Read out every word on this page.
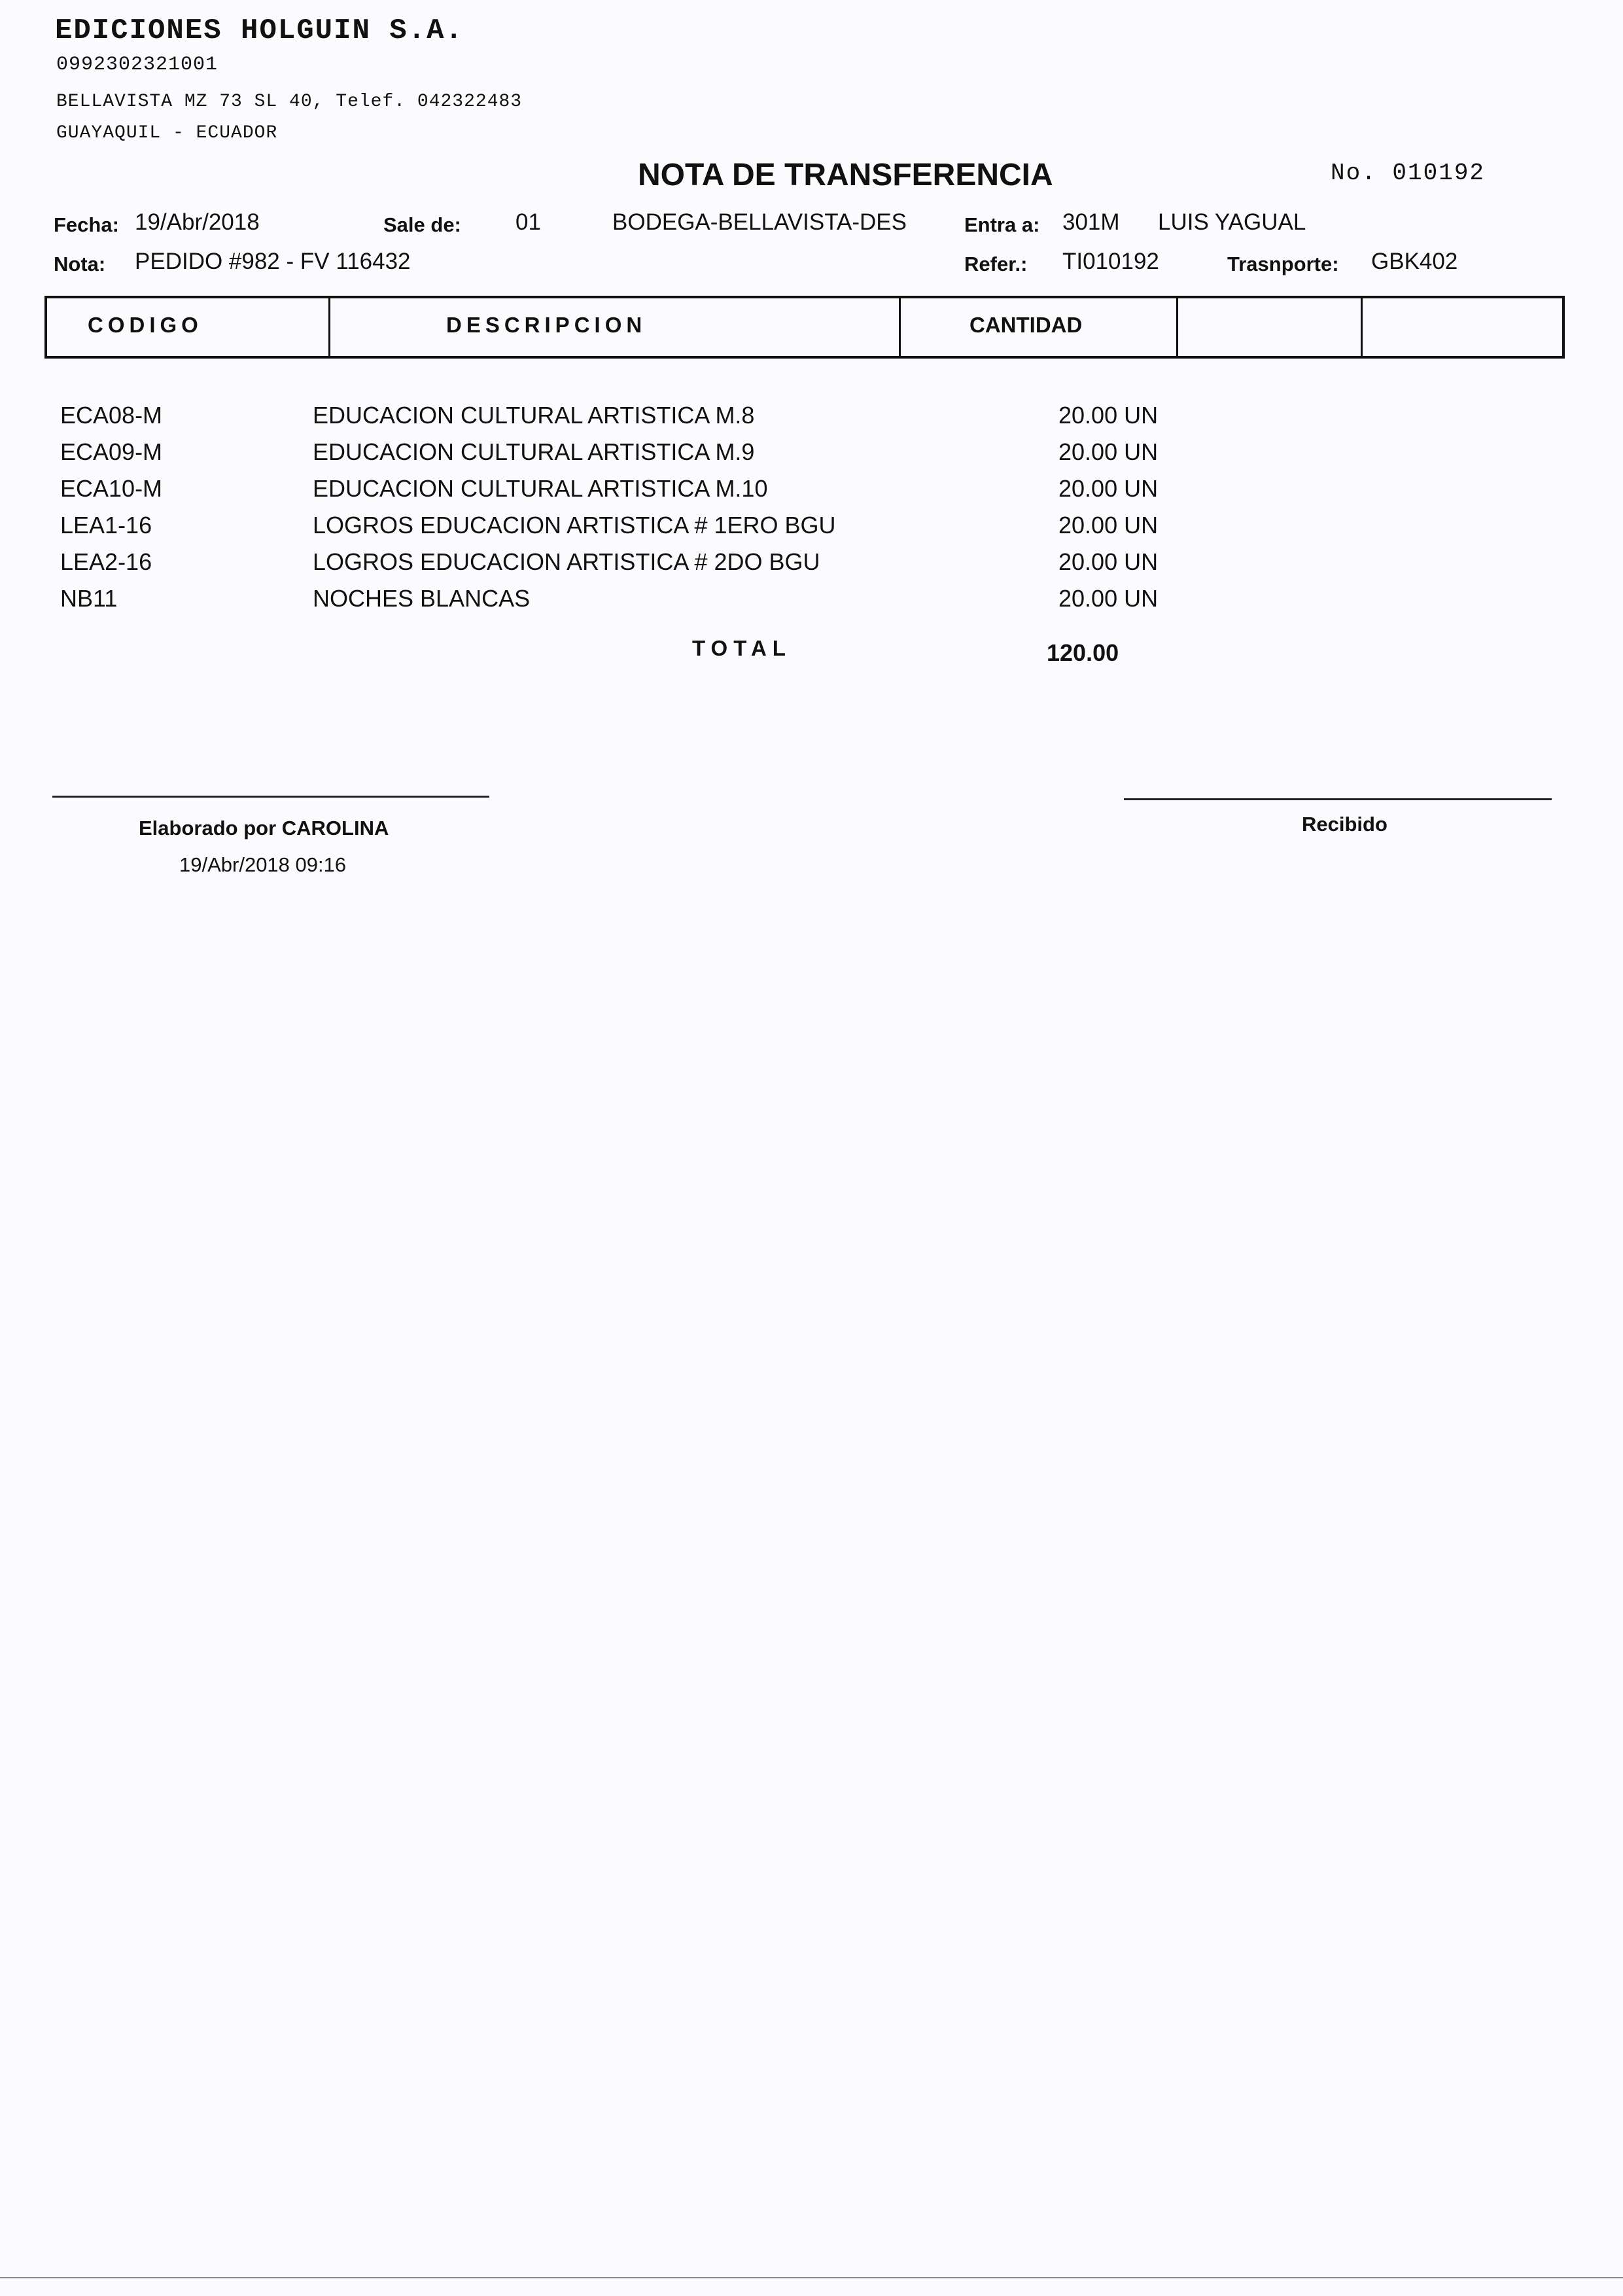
EDICIONES HOLGUIN S.A.
0992302321001
BELLAVISTA MZ 73 SL 40, Telef. 042322483
GUAYAQUIL - ECUADOR
NOTA DE TRANSFERENCIA	No. 010192
Fecha: 19/Abr/2018	Sale de: 01	BODEGA-BELLAVISTA-DES	Entra a: 301M LUIS YAGUAL
Nota: PEDIDO #982 - FV 116432	Refer.: TI010192	Trasnporte: GBK402
CODIGO	DESCRIPCION	CANTIDAD
ECA08-M	EDUCACION CULTURAL ARTISTICA M.8	20.00 UN
ECA09-M	EDUCACION CULTURAL ARTISTICA M.9	20.00 UN
ECA10-M	EDUCACION CULTURAL ARTISTICA M.10	20.00 UN
LEA1-16	LOGROS EDUCACION ARTISTICA # 1ERO BGU	20.00 UN
LEA2-16	LOGROS EDUCACION ARTISTICA # 2DO BGU	20.00 UN
NB11	NOCHES BLANCAS	20.00 UN
TOTAL	120.00
Elaborado por CAROLINA
19/Abr/2018 09:16
Recibido
